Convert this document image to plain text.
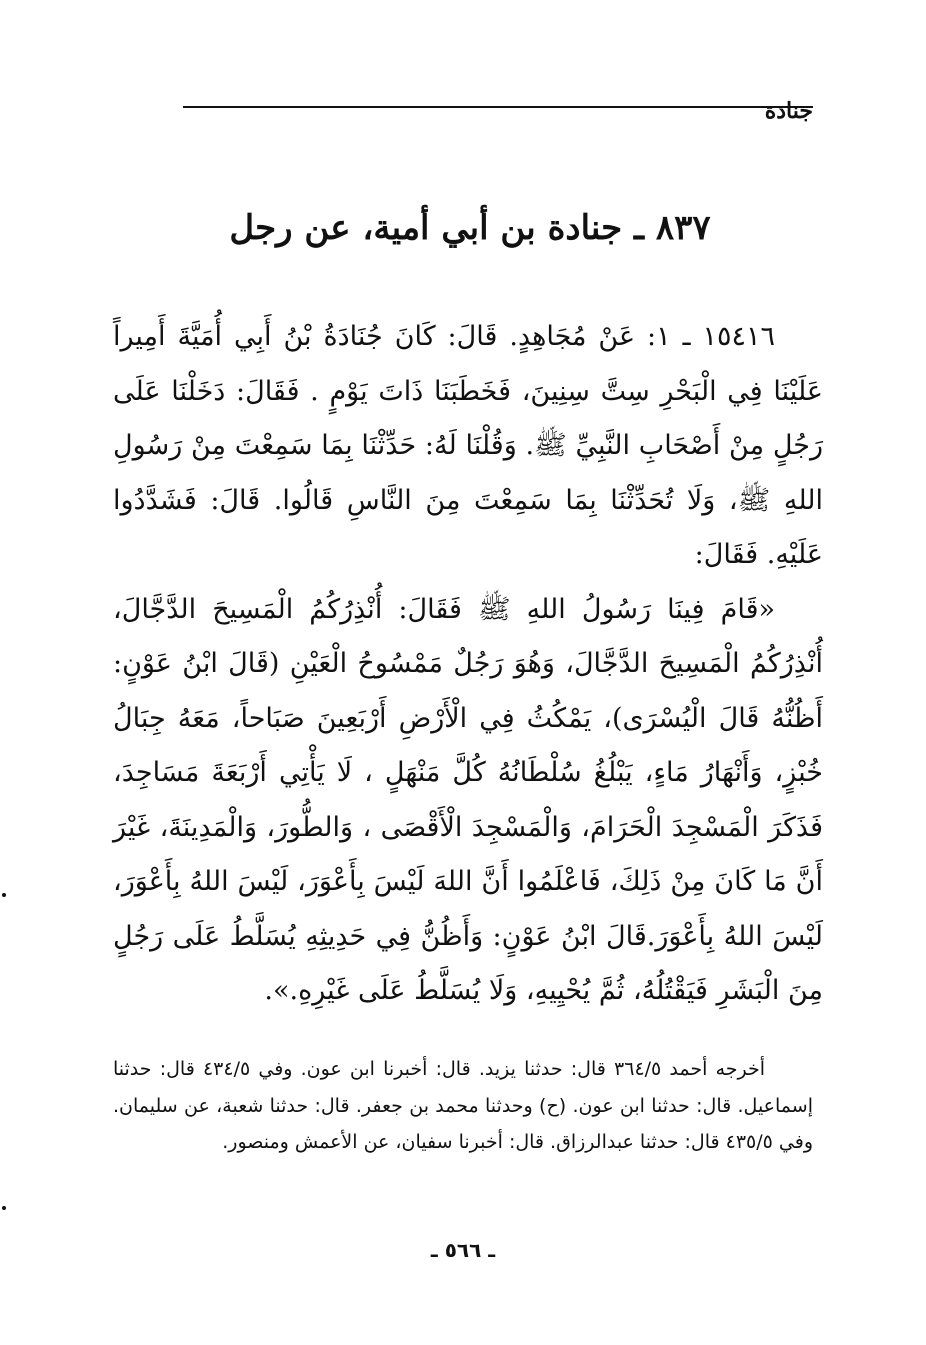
جنادة
٨٣٧ ـ جنادة بن أبي أمية، عن رجل

١٥٤١٦ ـ ١: عَنْ مُجَاهِدٍ. قَالَ: كَانَ جُنَادَةُ بْنُ أَبِي أُمَيَّةَ أَمِيراً عَلَيْنَا فِي الْبَحْرِ سِتَّ سِنِينَ، فَخَطَبَنَا ذَاتَ يَوْمٍ . فَقَالَ: دَخَلْنَا عَلَى رَجُلٍ مِنْ أَصْحَابِ النَّبِيِّ ﷺ. وَقُلْنَا لَهُ: حَدِّثْنَا بِمَا سَمِعْتَ مِنْ رَسُولِ اللهِ ﷺ، وَلَا تُحَدِّثْنَا بِمَا سَمِعْتَ مِنَ النَّاسِ قَالُوا. قَالَ: فَشَدَّدُوا عَلَيْهِ. فَقَالَ:

«قَامَ فِينَا رَسُولُ اللهِ ﷺ فَقَالَ: أُنْذِرُكُمُ الْمَسِيحَ الدَّجَّالَ، أُنْذِرُكُمُ الْمَسِيحَ الدَّجَّالَ، وَهُوَ رَجُلٌ مَمْسُوحُ الْعَيْنِ (قَالَ ابْنُ عَوْنٍ: أَظُنُّهُ قَالَ الْيُسْرَى)، يَمْكُثُ فِي الْأَرْضِ أَرْبَعِينَ صَبَاحاً، مَعَهُ جِبَالُ خُبْزٍ، وَأَنْهَارُ مَاءٍ، يَبْلُغُ سُلْطَانُهُ كُلَّ مَنْهَلٍ ، لَا يَأْتِي أَرْبَعَةَ مَسَاجِدَ، فَذَكَرَ الْمَسْجِدَ الْحَرَامَ، وَالْمَسْجِدَ الْأَقْصَى ، وَالطُّورَ، وَالْمَدِينَةَ، غَيْرَ أَنَّ مَا كَانَ مِنْ ذَلِكَ، فَاعْلَمُوا أَنَّ اللهَ لَيْسَ بِأَعْوَرَ، لَيْسَ اللهُ بِأَعْوَرَ، لَيْسَ اللهُ بِأَعْوَرَ.قَالَ ابْنُ عَوْنٍ: وَأَظُنُّ فِي حَدِيثِهِ يُسَلَّطُ عَلَى رَجُلٍ مِنَ الْبَشَرِ فَيَقْتُلُهُ، ثُمَّ يُحْيِيهِ، وَلَا يُسَلَّطُ عَلَى غَيْرِهِ.».

أخرجه أحمد ٣٦٤/٥ قال: حدثنا يزيد. قال: أخبرنا ابن عون. وفي ٤٣٤/٥ قال: حدثنا إسماعيل. قال: حدثنا ابن عون. (ح) وحدثنا محمد بن جعفر. قال: حدثنا شعبة، عن سليمان. وفي ٤٣٥/٥ قال: حدثنا عبدالرزاق. قال: أخبرنا سفيان، عن الأعمش ومنصور.

ـ ٥٦٦ ـ
